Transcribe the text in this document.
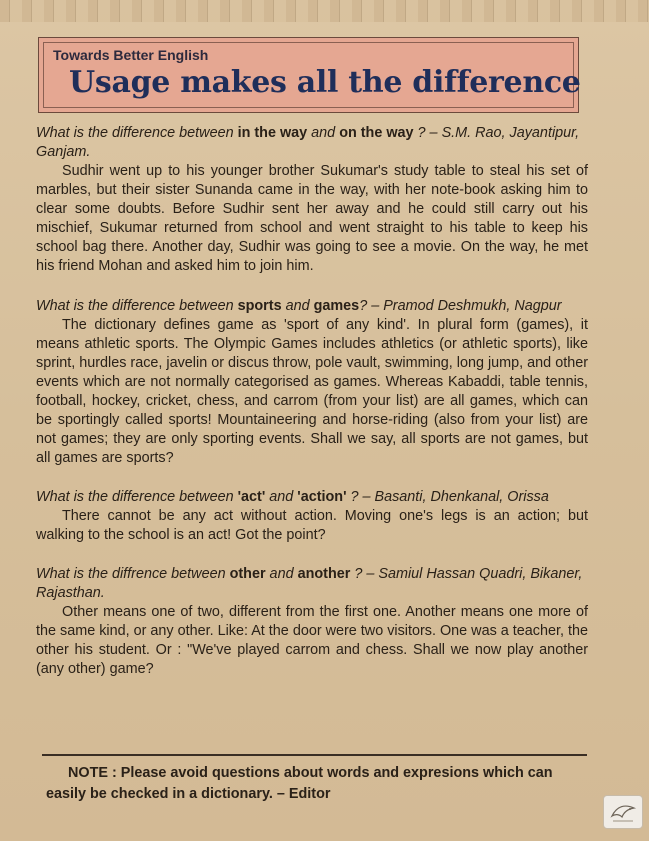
Towards Better English
Usage makes all the difference

What is the difference between in the way and on the way ? – S.M. Rao, Jayantipur, Ganjam.

Sudhir went up to his younger brother Sukumar's study table to steal his set of marbles, but their sister Sunanda came in the way, with her note-book asking him to clear some doubts. Before Sudhir sent her away and he could still carry out his mischief, Sukumar returned from school and went straight to his table to keep his school bag there. Another day, Sudhir was going to see a movie. On the way, he met his friend Mohan and asked him to join him.

What is the difference between sports and games? – Pramod Deshmukh, Nagpur

The dictionary defines game as 'sport of any kind'. In plural form (games), it means athletic sports. The Olympic Games includes athletics (or athletic sports), like sprint, hurdles race, javelin or discus throw, pole vault, swimming, long jump, and other events which are not normally categorised as games. Whereas Kabaddi, table tennis, football, hockey, cricket, chess, and carrom (from your list) are all games, which can be sportingly called sports! Mountaineering and horse-riding (also from your list) are not games; they are only sporting events. Shall we say, all sports are not games, but all games are sports?

What is the difference between 'act' and 'action' ? – Basanti, Dhenkanal, Orissa

There cannot be any act without action. Moving one's legs is an action; but walking to the school is an act! Got the point?

What is the diffrence between other and another ? – Samiul Hassan Quadri, Bikaner, Rajasthan.

Other means one of two, different from the first one. Another means one more of the same kind, or any other. Like: At the door were two visitors. One was a teacher, the other his student. Or : "We've played carrom and chess. Shall we now play another (any other) game?

NOTE : Please avoid questions about words and expresions which can easily be checked in a dictionary. – Editor
